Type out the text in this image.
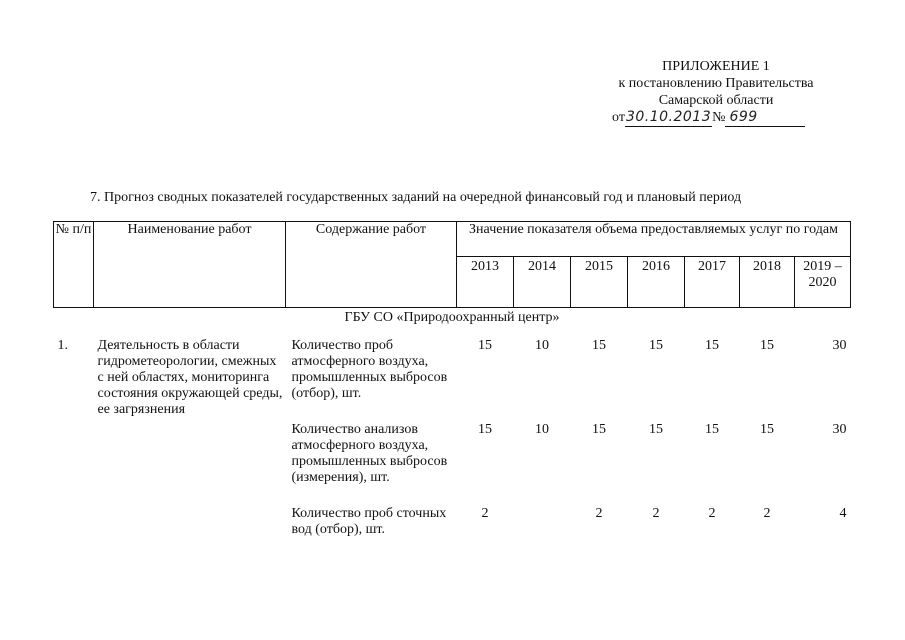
ПРИЛОЖЕНИЕ 1
к постановлению Правительства
Самарской области
от30.10.2013№ 699
7. Прогноз сводных показателей государственных заданий на очередной финансовый год и плановый период
№ п/п	Наименование работ	Содержание работ	Значение показателя объема предоставляемых услуг по годам						
			2013	2014	2015	2016	2017	2018	2019 – 2020
ГБУ СО «Природоохранный центр»									
1.	Деятельность в области гидрометеорологии, смежных с ней областях, мониторинга состояния окружающей среды, ее загрязнения	Количество проб атмосферного воздуха, промышленных выбросов (отбор), шт.	15	10	15	15	15	15	30

		Количество анализов атмосферного воздуха, промышленных выбросов (измерения), шт.	15	10	15	15	15	15	30

		Количество проб сточных вод (отбор), шт.	2		2	2	2	2	4
